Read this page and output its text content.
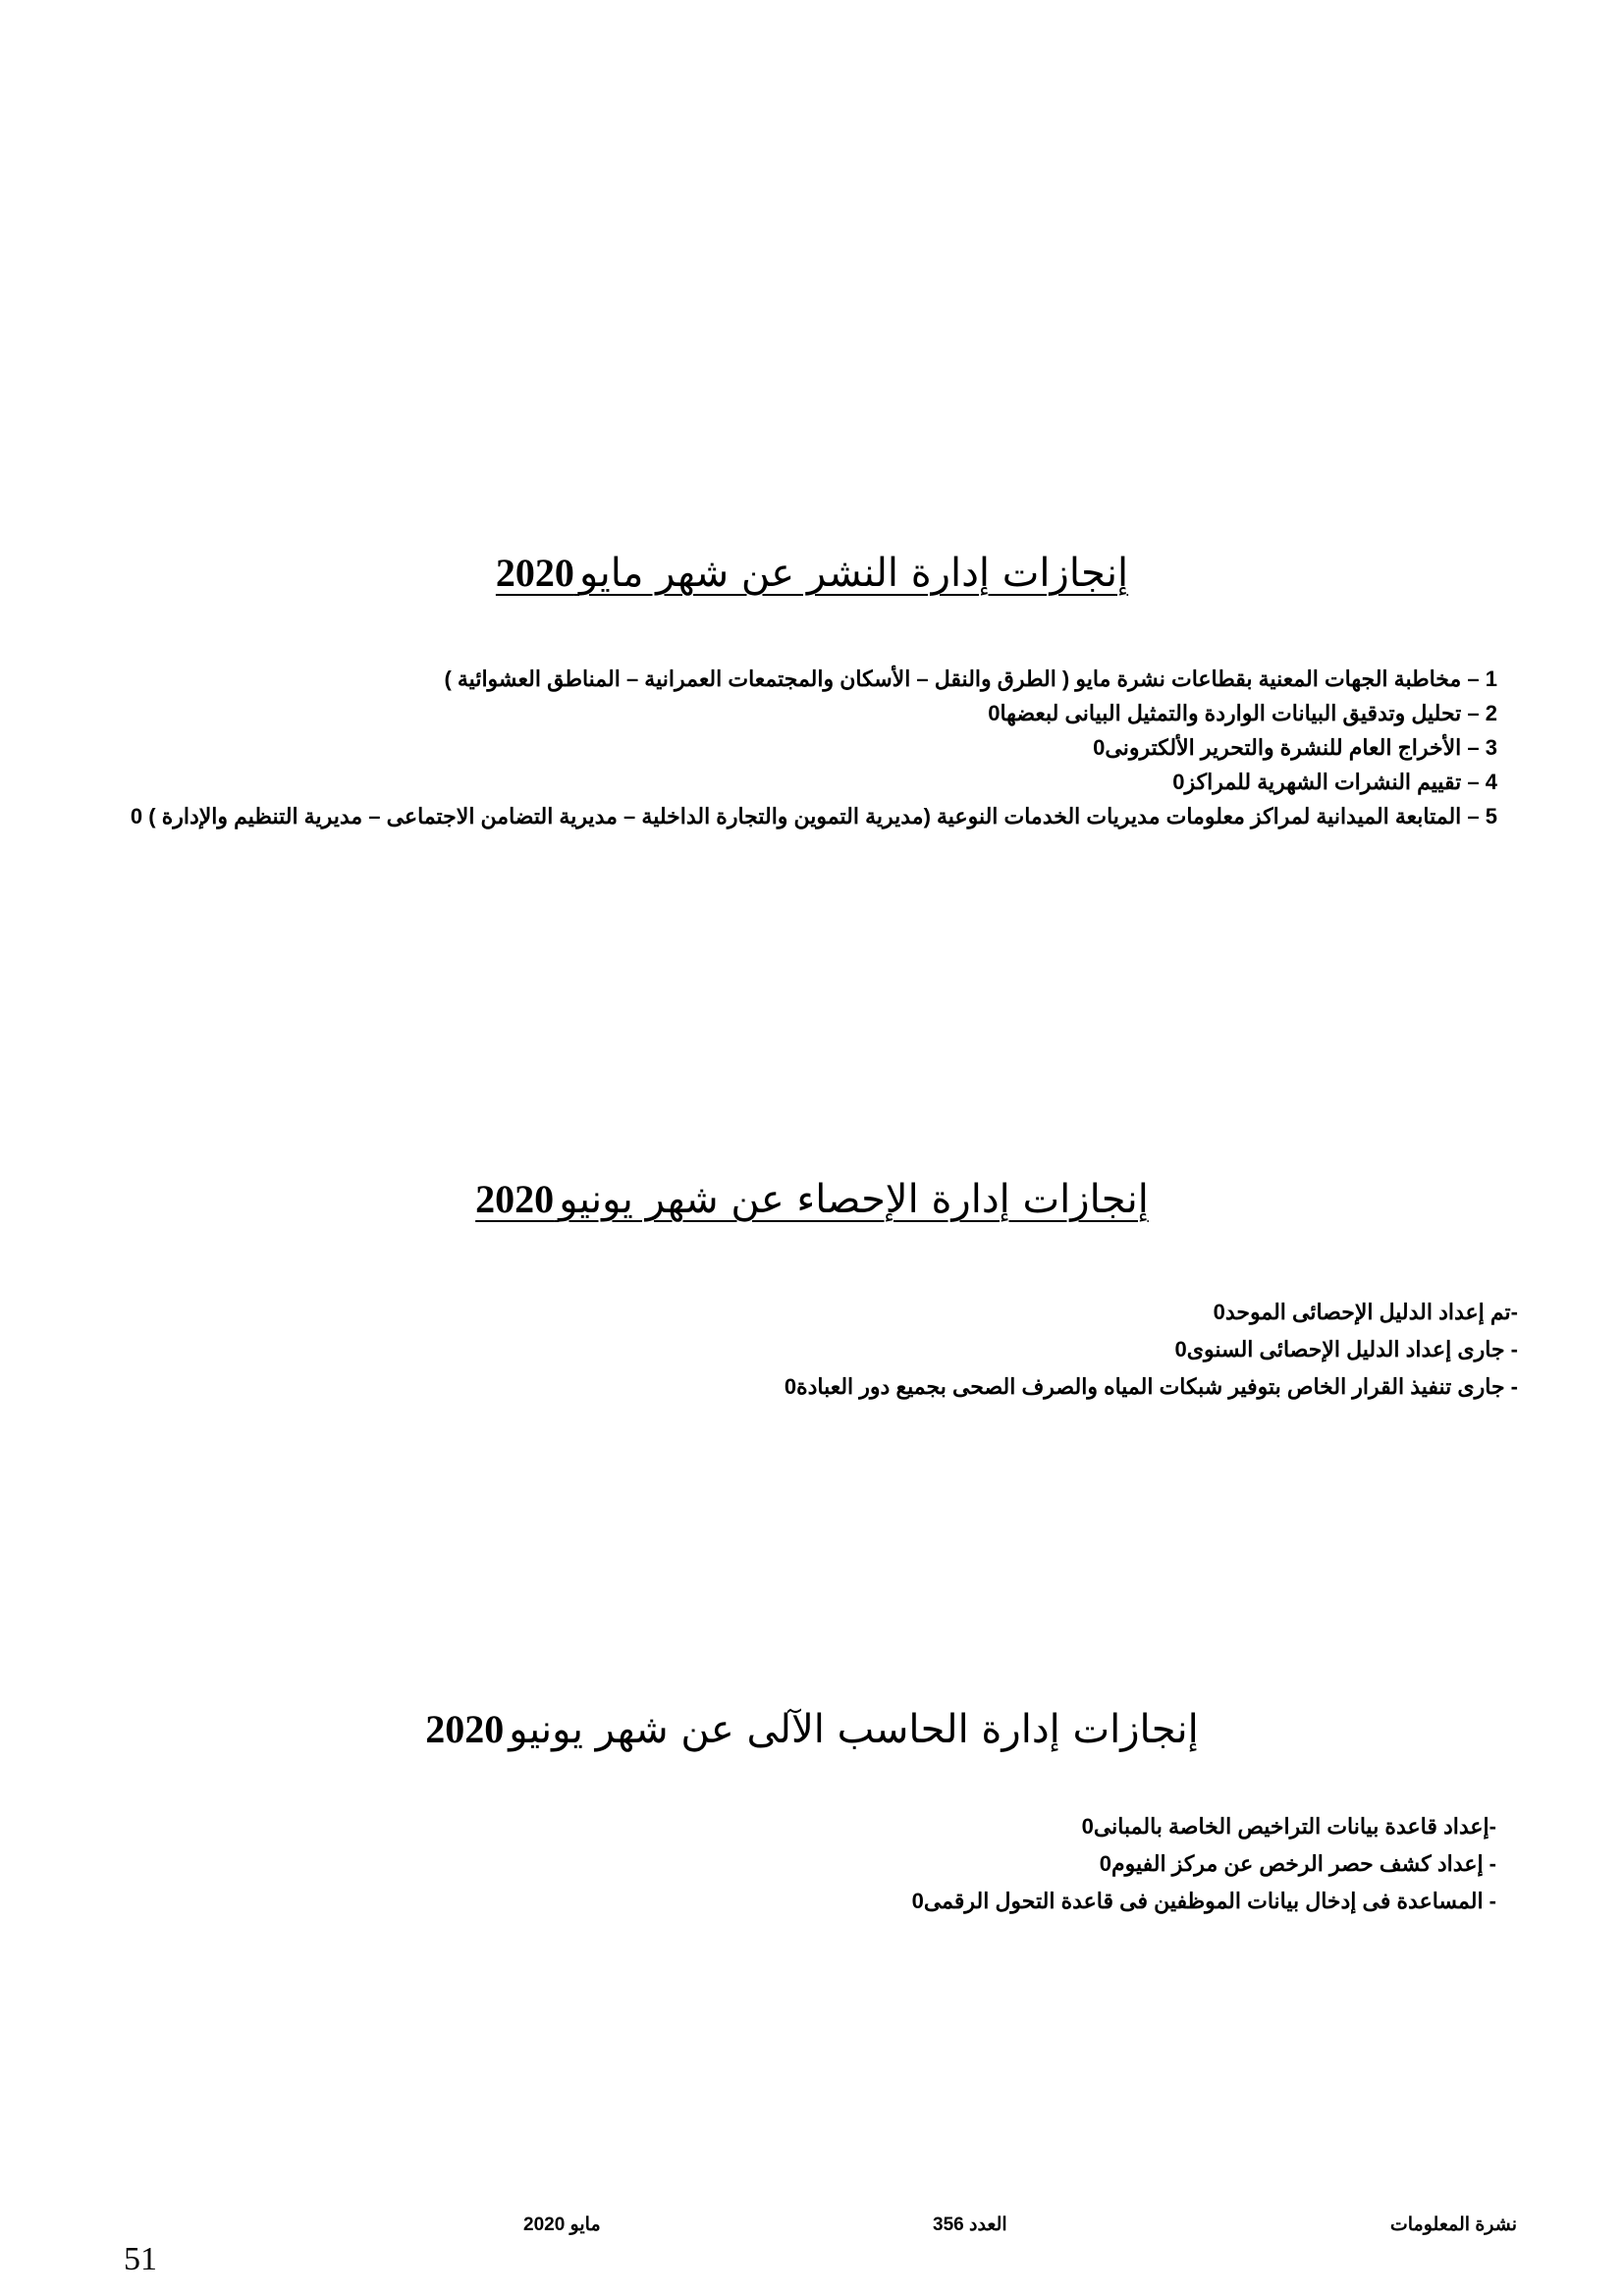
إنجازات إدارة النشر عن شهر مايو 2020
1 – مخاطبة الجهات المعنية بقطاعات نشرة مايو ( الطرق والنقل – الأسكان والمجتمعات العمرانية – المناطق العشوائية )
2 – تحليل وتدقيق البيانات الواردة والتمثيل البيانى لبعضها0
3 – الأخراج العام للنشرة والتحرير الألكترونى0
4 – تقييم النشرات الشهرية للمراكز0
5 – المتابعة الميدانية لمراكز معلومات مديريات الخدمات النوعية (مديرية التموين والتجارة الداخلية – مديرية التضامن الاجتماعى – مديرية التنظيم والإدارة ) 0
إنجازات إدارة الإحصاء عن شهر يونيو 2020
-تم إعداد الدليل الإحصائى الموحد0
- جارى إعداد الدليل الإحصائى السنوى0
- جارى تنفيذ القرار الخاص بتوفير شبكات المياه والصرف الصحى بجميع دور العبادة0
إنجازات إدارة الحاسب الآلى عن شهر يونيو 2020
-إعداد قاعدة بيانات التراخيص الخاصة بالمبانى0
- إعداد كشف حصر الرخص عن مركز الفيوم0
- المساعدة فى إدخال بيانات الموظفين فى قاعدة التحول الرقمى0
نشرة المعلومات
العدد 356
مايو 2020
51
